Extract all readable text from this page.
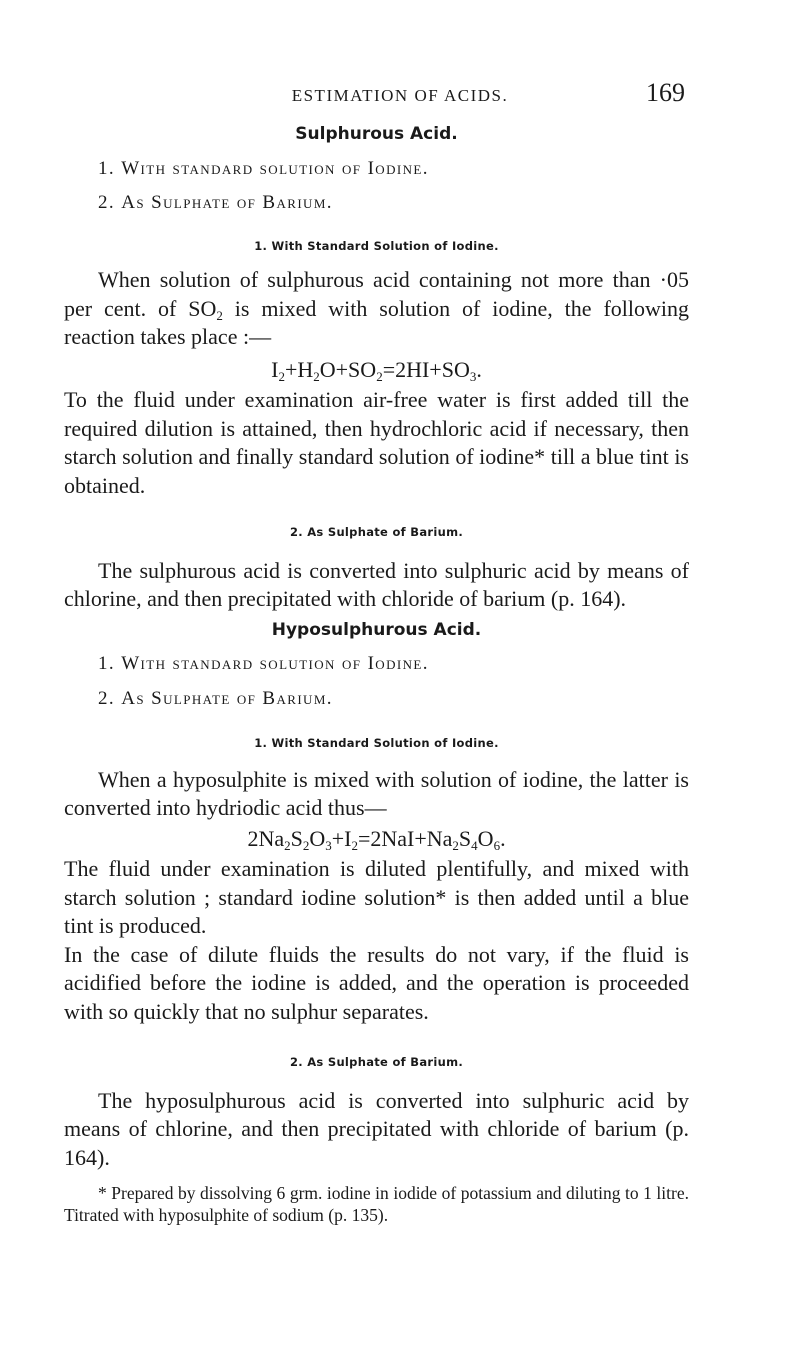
ESTIMATION OF ACIDS.	169
Sulphurous Acid.

1. With standard solution of Iodine.

2. As Sulphate of Barium.

1. With Standard Solution of Iodine.

When solution of sulphurous acid containing not more than ·05 per cent. of $SO_2$ is mixed with solution of iodine, the following reaction takes place :—

$I_2+H_2O+SO_2=2HI+SO_3$.

To the fluid under examination air-free water is first added till the required dilution is attained, then hydrochloric acid if necessary, then starch solution and finally standard solution of iodine* till a blue tint is obtained.

2. As Sulphate of Barium.

The sulphurous acid is converted into sulphuric acid by means of chlorine, and then precipitated with chloride of barium (p. 164).

Hyposulphurous Acid.

1. With standard solution of Iodine.

2. As Sulphate of Barium.

1. With Standard Solution of Iodine.

When a hyposulphite is mixed with solution of iodine, the latter is converted into hydriodic acid thus—

$2Na_2S_2O_3+I_2=2NaI+Na_2S_4O_6$.

The fluid under examination is diluted plentifully, and mixed with starch solution ; standard iodine solution* is then added until a blue tint is produced.

In the case of dilute fluids the results do not vary, if the fluid is acidified before the iodine is added, and the operation is proceeded with so quickly that no sulphur separates.

2. As Sulphate of Barium.

The hyposulphurous acid is converted into sulphuric acid by means of chlorine, and then precipitated with chloride of barium (p. 164).

* Prepared by dissolving 6 grm. iodine in iodide of potassium and diluting to 1 litre. Titrated with hyposulphite of sodium (p. 135).
